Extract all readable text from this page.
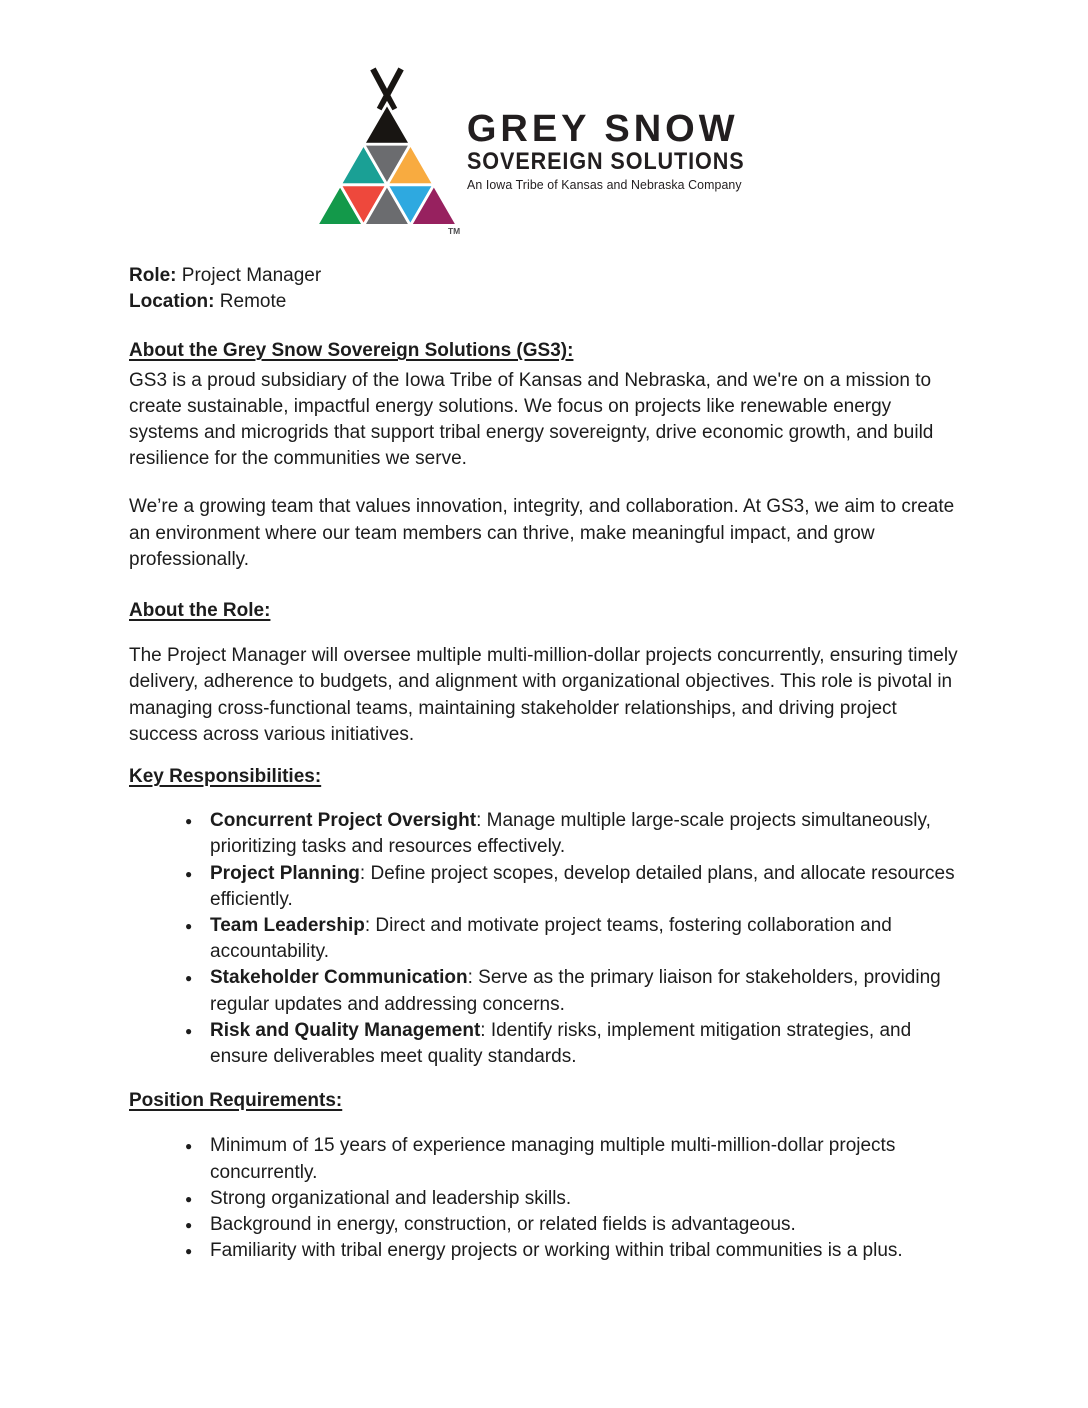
TM
GREY SNOW
SOVEREIGN SOLUTIONS
An Iowa Tribe of Kansas and Nebraska Company

Role: Project Manager

Location: Remote

About the Grey Snow Sovereign Solutions (GS3):

GS3 is a proud subsidiary of the Iowa Tribe of Kansas and Nebraska, and we're on a mission to create sustainable, impactful energy solutions. We focus on projects like renewable energy systems and microgrids that support tribal energy sovereignty, drive economic growth, and build resilience for the communities we serve.

We’re a growing team that values innovation, integrity, and collaboration. At GS3, we aim to create an environment where our team members can thrive, make meaningful impact, and grow professionally.

About the Role:

The Project Manager will oversee multiple multi-million-dollar projects concurrently, ensuring timely delivery, adherence to budgets, and alignment with organizational objectives. This role is pivotal in managing cross-functional teams, maintaining stakeholder relationships, and driving project success across various initiatives.

Key Responsibilities:
● Concurrent Project Oversight: Manage multiple large-scale projects simultaneously, prioritizing tasks and resources effectively.
● Project Planning: Define project scopes, develop detailed plans, and allocate resources efficiently.
● Team Leadership: Direct and motivate project teams, fostering collaboration and accountability.
● Stakeholder Communication: Serve as the primary liaison for stakeholders, providing regular updates and addressing concerns.
● Risk and Quality Management: Identify risks, implement mitigation strategies, and ensure deliverables meet quality standards.
Position Requirements:
● Minimum of 15 years of experience managing multiple multi-million-dollar projects concurrently.
● Strong organizational and leadership skills.
● Background in energy, construction, or related fields is advantageous.
● Familiarity with tribal energy projects or working within tribal communities is a plus.
